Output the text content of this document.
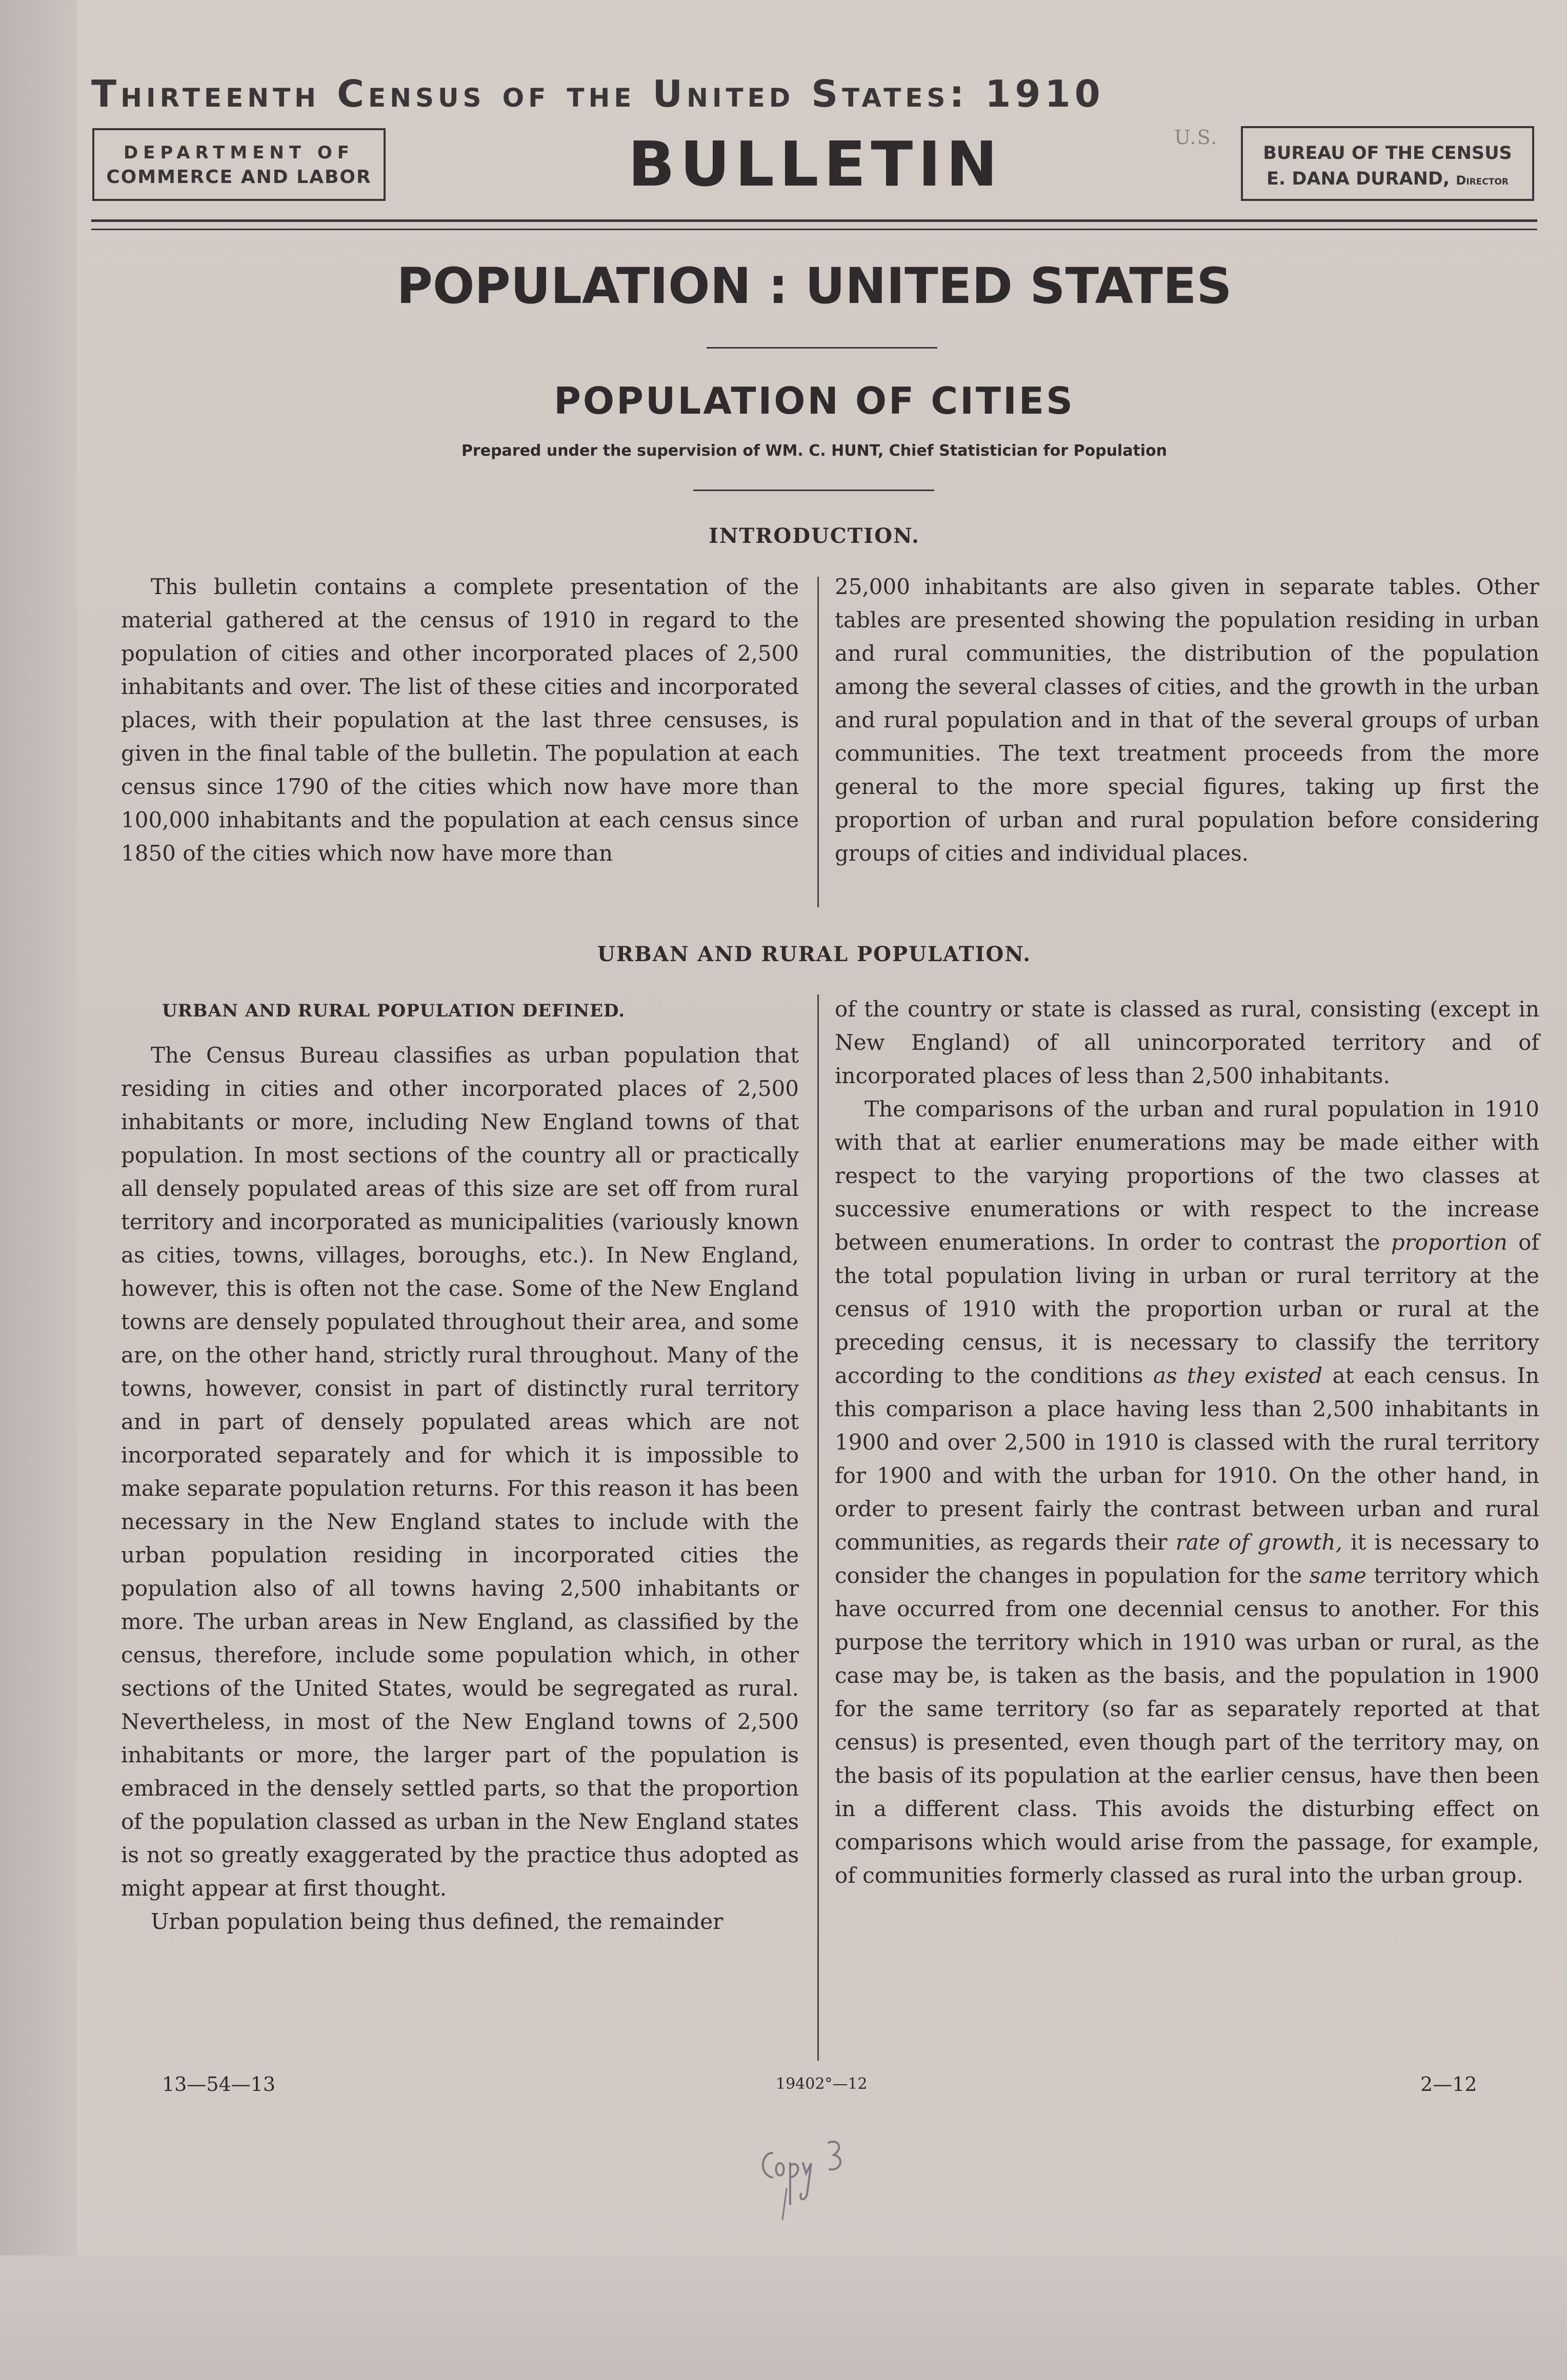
Thirteenth Census of the United States: 1910
DEPARTMENT OF
COMMERCE AND LABOR	BULLETIN	U.S.
BUREAU OF THE CENSUS
E. DANA DURAND, Director
POPULATION : UNITED STATES
POPULATION OF CITIES
Prepared under the supervision of WM. C. HUNT, Chief Statistician for Population
INTRODUCTION.

This bulletin contains a complete presentation of the material gathered at the census of 1910 in regard to the population of cities and other incorporated places of 2,500 inhabitants and over. The list of these cities and incorporated places, with their population at the last three censuses, is given in the final table of the bulletin. The population at each census since 1790 of the cities which now have more than 100,000 inhabitants and the population at each census since 1850 of the cities which now have more than

25,000 inhabitants are also given in separate tables. Other tables are presented showing the population residing in urban and rural communities, the distribution of the population among the several classes of cities, and the growth in the urban and rural population and in that of the several groups of urban communities. The text treatment proceeds from the more general to the more special figures, taking up first the proportion of urban and rural population before considering groups of cities and individual places.

URBAN AND RURAL POPULATION.
URBAN AND RURAL POPULATION DEFINED.

The Census Bureau classifies as urban population that residing in cities and other incorporated places of 2,500 inhabitants or more, including New England towns of that population. In most sections of the country all or practically all densely populated areas of this size are set off from rural territory and incorporated as municipalities (variously known as cities, towns, villages, boroughs, etc.). In New England, however, this is often not the case. Some of the New England towns are densely populated throughout their area, and some are, on the other hand, strictly rural throughout. Many of the towns, however, consist in part of distinctly rural territory and in part of densely populated areas which are not incorporated separately and for which it is impossible to make separate population returns. For this reason it has been necessary in the New England states to include with the urban population residing in incorporated cities the population also of all towns having 2,500 inhabitants or more. The urban areas in New England, as classified by the census, therefore, include some population which, in other sections of the United States, would be segregated as rural. Nevertheless, in most of the New England towns of 2,500 inhabitants or more, the larger part of the population is embraced in the densely settled parts, so that the proportion of the population classed as urban in the New England states is not so greatly exaggerated by the practice thus adopted as might appear at first thought.

Urban population being thus defined, the remainder

of the country or state is classed as rural, consisting (except in New England) of all unincorporated territory and of incorporated places of less than 2,500 inhabitants.

The comparisons of the urban and rural population in 1910 with that at earlier enumerations may be made either with respect to the varying proportions of the two classes at successive enumerations or with respect to the increase between enumerations. In order to contrast the proportion of the total population living in urban or rural territory at the census of 1910 with the proportion urban or rural at the preceding census, it is necessary to classify the territory according to the conditions as they existed at each census. In this comparison a place having less than 2,500 inhabitants in 1900 and over 2,500 in 1910 is classed with the rural territory for 1900 and with the urban for 1910. On the other hand, in order to present fairly the contrast between urban and rural communities, as regards their rate of growth, it is necessary to consider the changes in population for the same territory which have occurred from one decennial census to another. For this purpose the territory which in 1910 was urban or rural, as the case may be, is taken as the basis, and the population in 1900 for the same territory (so far as separately reported at that census) is presented, even though part of the territory may, on the basis of its population at the earlier census, have then been in a different class. This avoids the disturbing effect on comparisons which would arise from the passage, for example, of communities formerly classed as rural into the urban group.

13—54—13	19402°—12	2—12
